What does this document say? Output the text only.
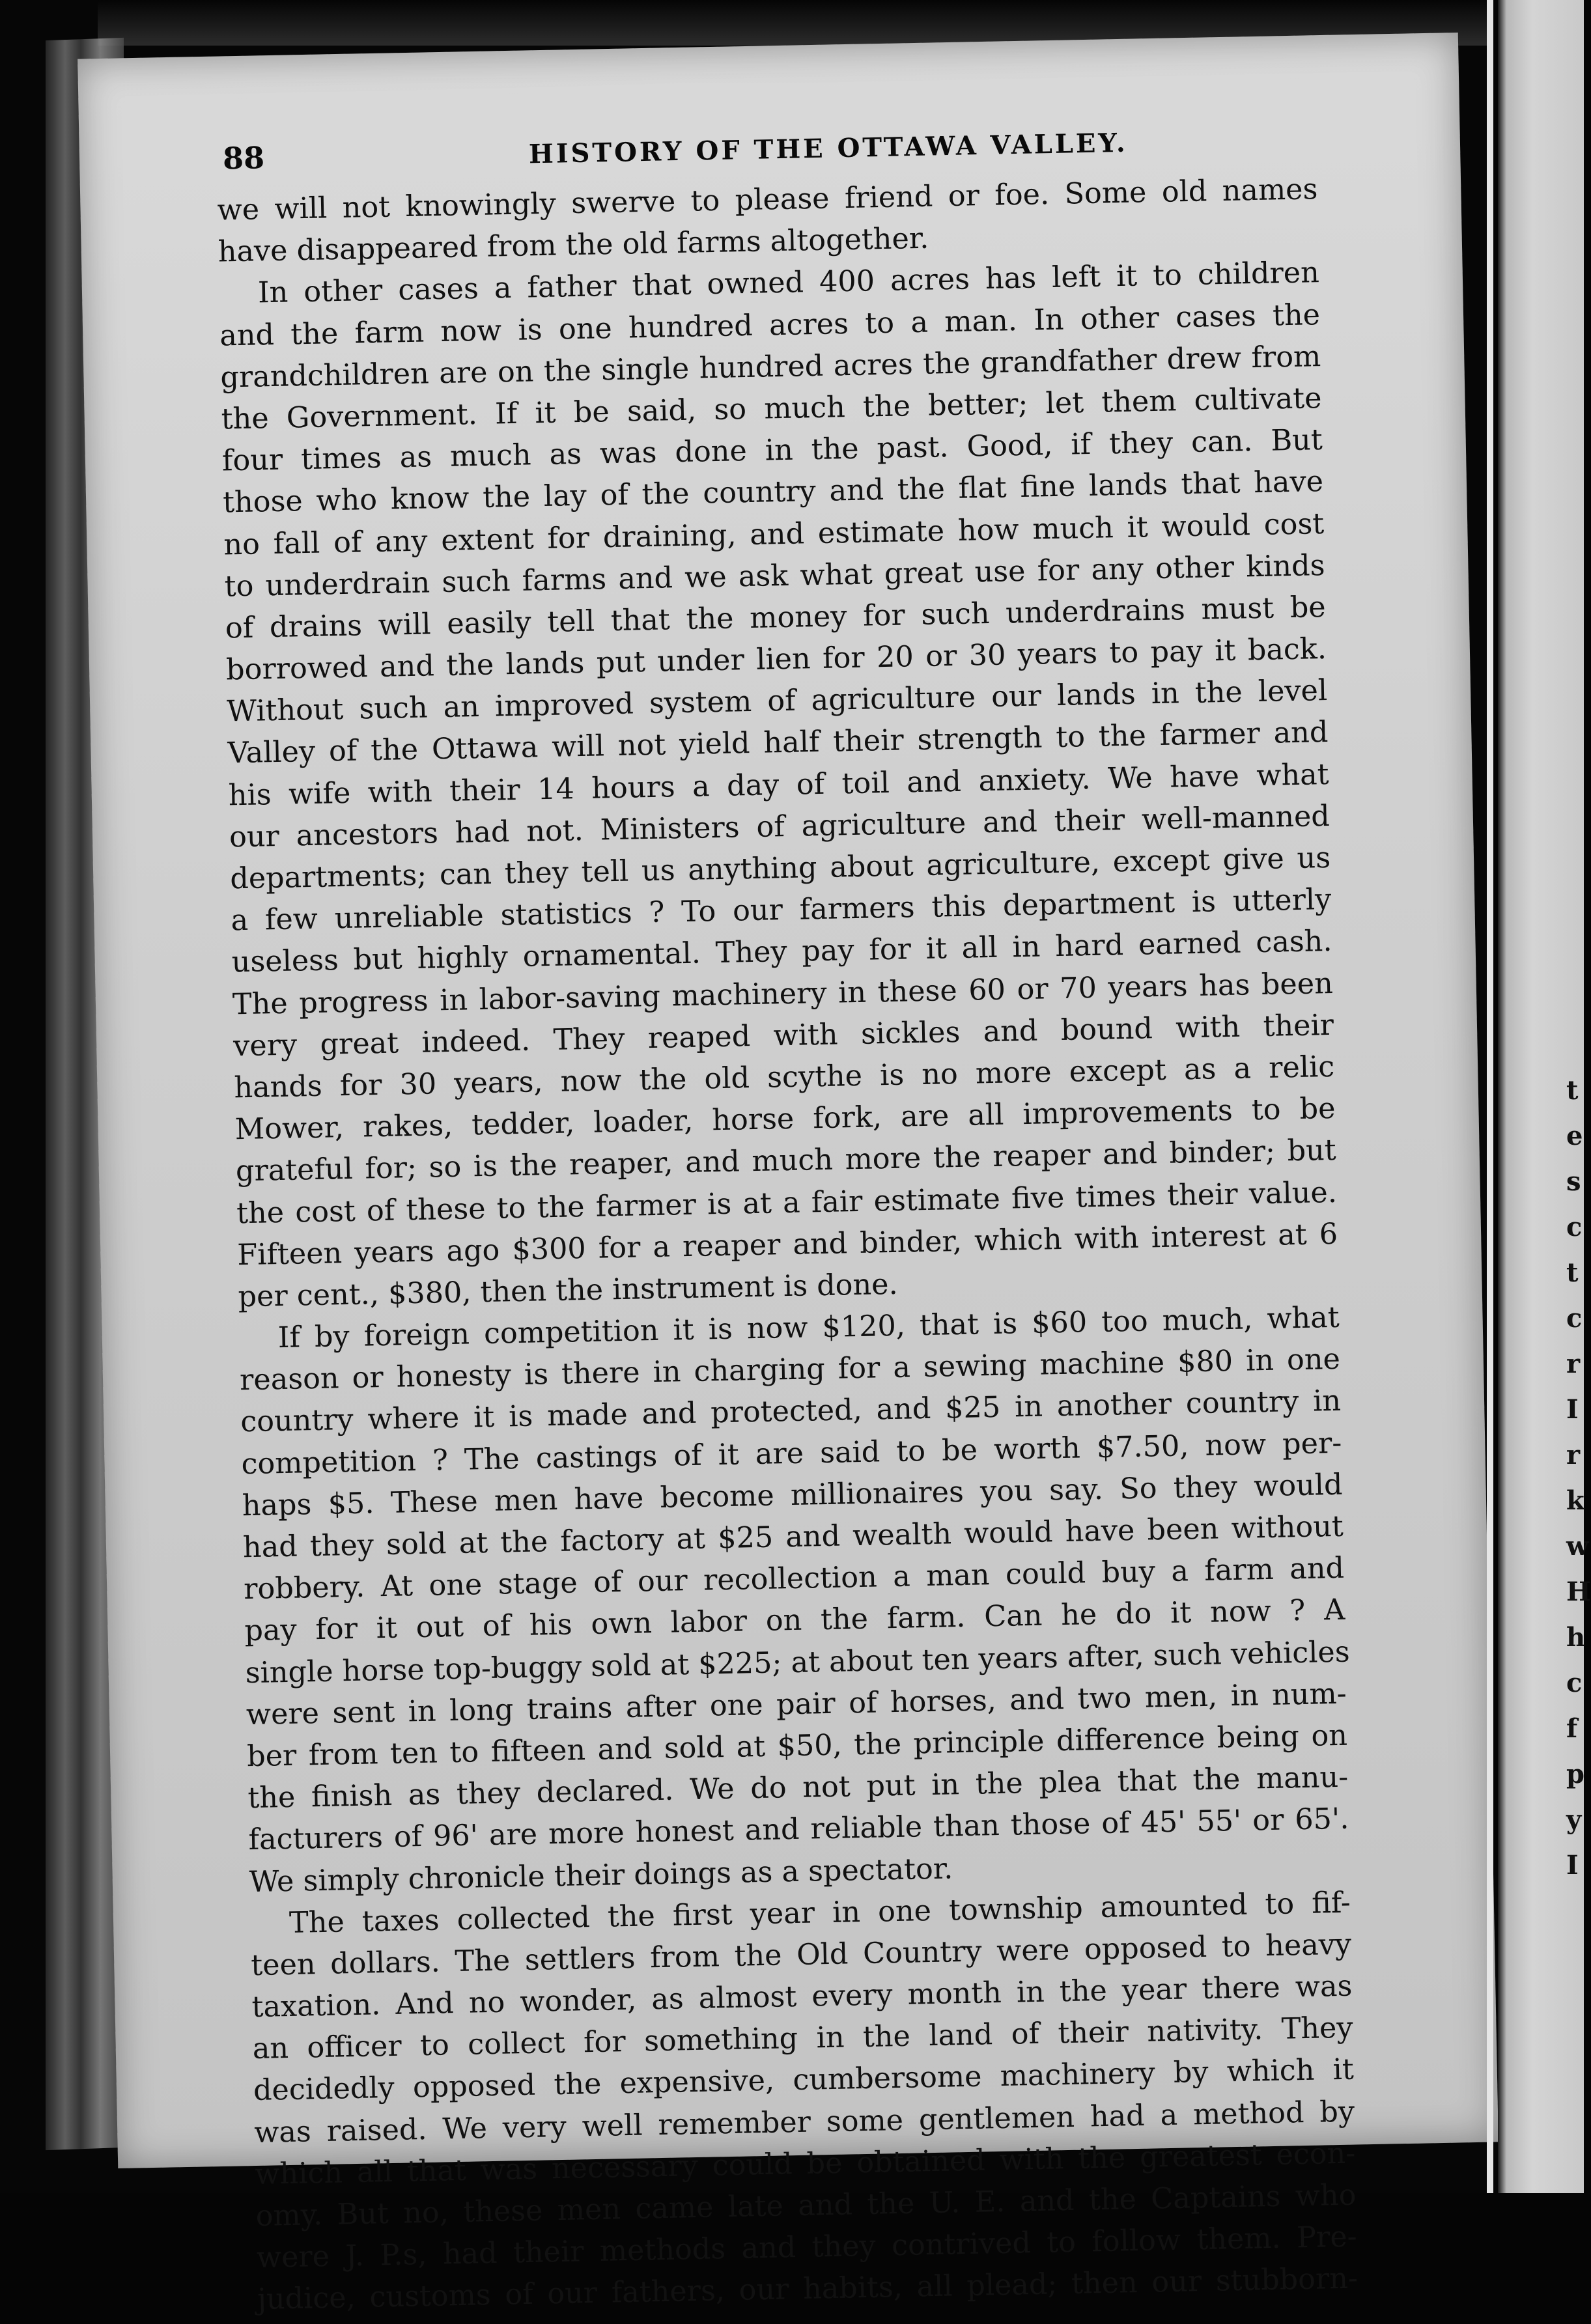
88	HISTORY OF THE OTTAWA VALLEY.
we will not knowingly swerve to please friend or foe. Some old names
have disappeared from the old farms altogether.
In other cases a father that owned 400 acres has left it to children
and the farm now is one hundred acres to a man. In other cases the
grandchildren are on the single hundred acres the grandfather drew from
the Government. If it be said, so much the better; let them cultivate
four times as much as was done in the past. Good, if they can. But
those who know the lay of the country and the flat fine lands that have
no fall of any extent for draining, and estimate how much it would cost
to underdrain such farms and we ask what great use for any other kinds
of drains will easily tell that the money for such underdrains must be
borrowed and the lands put under lien for 20 or 30 years to pay it back.
Without such an improved system of agriculture our lands in the level
Valley of the Ottawa will not yield half their strength to the farmer and
his wife with their 14 hours a day of toil and anxiety. We have what
our ancestors had not. Ministers of agriculture and their well-manned
departments; can they tell us anything about agriculture, except give us
a few unreliable statistics ? To our farmers this department is utterly
useless but highly ornamental. They pay for it all in hard earned cash.
The progress in labor-saving machinery in these 60 or 70 years has been
very great indeed. They reaped with sickles and bound with their
hands for 30 years, now the old scythe is no more except as a relic
Mower, rakes, tedder, loader, horse fork, are all improvements to be
grateful for; so is the reaper, and much more the reaper and binder; but
the cost of these to the farmer is at a fair estimate five times their value.
Fifteen years ago $300 for a reaper and binder, which with interest at 6
per cent., $380, then the instrument is done.
If by foreign competition it is now $120, that is $60 too much, what
reason or honesty is there in charging for a sewing machine $80 in one
country where it is made and protected, and $25 in another country in
competition ? The castings of it are said to be worth $7.50, now per-
haps $5. These men have become millionaires you say. So they would
had they sold at the factory at $25 and wealth would have been without
robbery. At one stage of our recollection a man could buy a farm and
pay for it out of his own labor on the farm. Can he do it now ? A
single horse top-buggy sold at $225; at about ten years after, such vehicles
were sent in long trains after one pair of horses, and two men, in num-
ber from ten to fifteen and sold at $50, the principle difference being on
the finish as they declared. We do not put in the plea that the manu-
facturers of 96' are more honest and reliable than those of 45' 55' or 65'.
We simply chronicle their doings as a spectator.
The taxes collected the first year in one township amounted to fif-
teen dollars. The settlers from the Old Country were opposed to heavy
taxation. And no wonder, as almost every month in the year there was
an officer to collect for something in the land of their nativity. They
decidedly opposed the expensive, cumbersome machinery by which it
was raised. We very well remember some gentlemen had a method by
which all that was necessary could be obtained with the greatest econ-
omy. But no, these men came late and the U. E. and the Captains who
were J. P.s, had their methods and they contrived to follow them. Pre-
judice, customs of our fathers, our habits, all plead; then our stubborn-
t
e
s
c
t
c
r
I
r
k
w
H
h
c
f
p
y
I
